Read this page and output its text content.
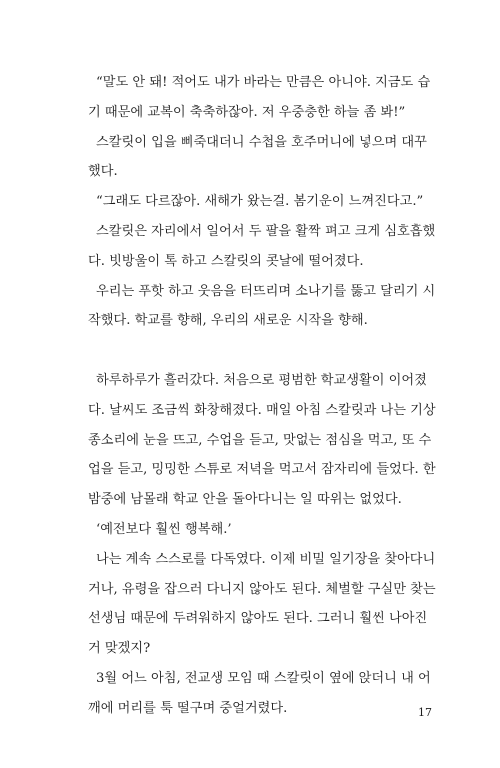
“말도 안 돼! 적어도 내가 바라는 만큼은 아니야. 지금도 습
기 때문에 교복이 축축하잖아. 저 우중충한 하늘 좀 봐!”
스칼릿이 입을 삐죽대더니 수첩을 호주머니에 넣으며 대꾸
했다.
“그래도 다르잖아. 새해가 왔는걸. 봄기운이 느껴진다고.”
스칼릿은 자리에서 일어서 두 팔을 활짝 펴고 크게 심호흡했
다. 빗방울이 톡 하고 스칼릿의 콧날에 떨어졌다.
우리는 푸핫 하고 웃음을 터뜨리며 소나기를 뚫고 달리기 시
작했다. 학교를 향해, 우리의 새로운 시작을 향해.
하루하루가 흘러갔다. 처음으로 평범한 학교생활이 이어졌
다. 날씨도 조금씩 화창해졌다. 매일 아침 스칼릿과 나는 기상
종소리에 눈을 뜨고, 수업을 듣고, 맛없는 점심을 먹고, 또 수
업을 듣고, 밍밍한 스튜로 저녁을 먹고서 잠자리에 들었다. 한
밤중에 남몰래 학교 안을 돌아다니는 일 따위는 없었다.
‘예전보다 훨씬 행복해.’
나는 계속 스스로를 다독였다. 이제 비밀 일기장을 찾아다니
거나, 유령을 잡으러 다니지 않아도 된다. 체벌할 구실만 찾는
선생님 때문에 두려워하지 않아도 된다. 그러니 훨씬 나아진
거 맞겠지?
3월 어느 아침, 전교생 모임 때 스칼릿이 옆에 앉더니 내 어
깨에 머리를 툭 떨구며 중얼거렸다.	17
